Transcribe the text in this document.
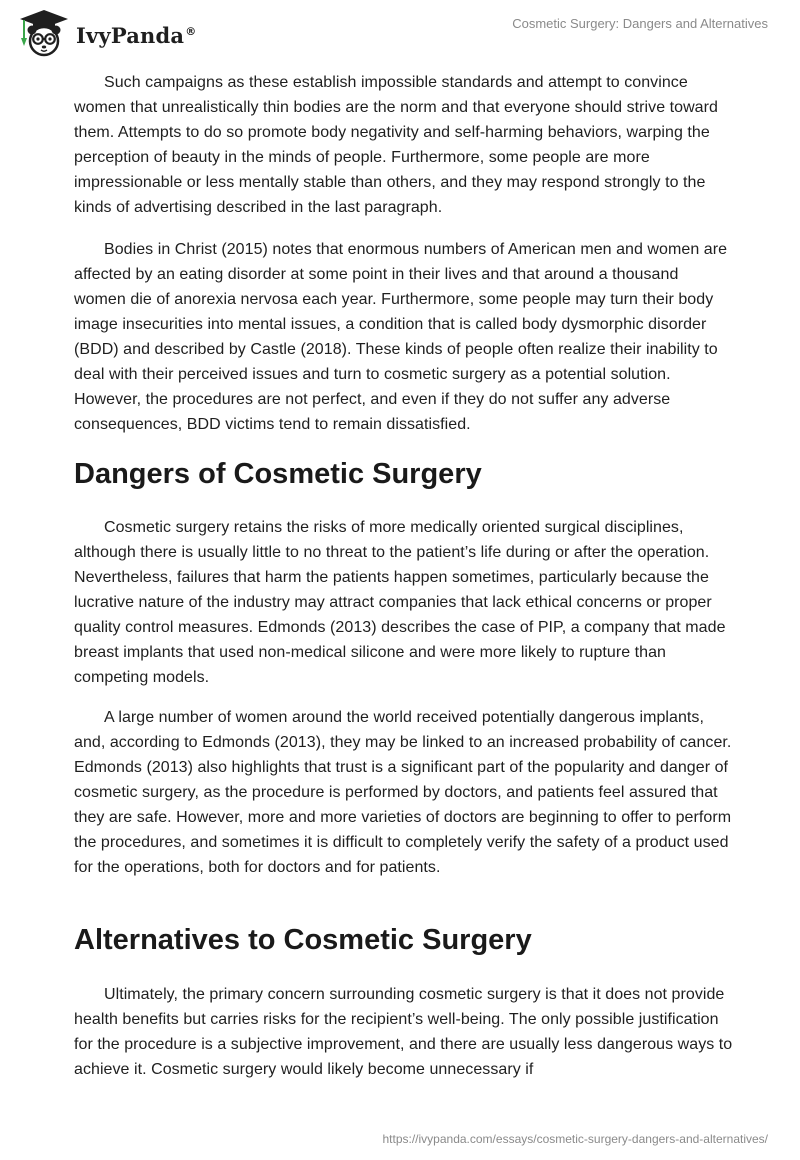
IvyPanda®	Cosmetic Surgery: Dangers and Alternatives

Such campaigns as these establish impossible standards and attempt to convince women that unrealistically thin bodies are the norm and that everyone should strive toward them. Attempts to do so promote body negativity and self-harming behaviors, warping the perception of beauty in the minds of people. Furthermore, some people are more impressionable or less mentally stable than others, and they may respond strongly to the kinds of advertising described in the last paragraph.

Bodies in Christ (2015) notes that enormous numbers of American men and women are affected by an eating disorder at some point in their lives and that around a thousand women die of anorexia nervosa each year. Furthermore, some people may turn their body image insecurities into mental issues, a condition that is called body dysmorphic disorder (BDD) and described by Castle (2018). These kinds of people often realize their inability to deal with their perceived issues and turn to cosmetic surgery as a potential solution. However, the procedures are not perfect, and even if they do not suffer any adverse consequences, BDD victims tend to remain dissatisfied.

Dangers of Cosmetic Surgery

Cosmetic surgery retains the risks of more medically oriented surgical disciplines, although there is usually little to no threat to the patient’s life during or after the operation. Nevertheless, failures that harm the patients happen sometimes, particularly because the lucrative nature of the industry may attract companies that lack ethical concerns or proper quality control measures. Edmonds (2013) describes the case of PIP, a company that made breast implants that used non-medical silicone and were more likely to rupture than competing models.

A large number of women around the world received potentially dangerous implants, and, according to Edmonds (2013), they may be linked to an increased probability of cancer. Edmonds (2013) also highlights that trust is a significant part of the popularity and danger of cosmetic surgery, as the procedure is performed by doctors, and patients feel assured that they are safe. However, more and more varieties of doctors are beginning to offer to perform the procedures, and sometimes it is difficult to completely verify the safety of a product used for the operations, both for doctors and for patients.

Alternatives to Cosmetic Surgery

Ultimately, the primary concern surrounding cosmetic surgery is that it does not provide health benefits but carries risks for the recipient’s well-being. The only possible justification for the procedure is a subjective improvement, and there are usually less dangerous ways to achieve it. Cosmetic surgery would likely become unnecessary if

https://ivypanda.com/essays/cosmetic-surgery-dangers-and-alternatives/
